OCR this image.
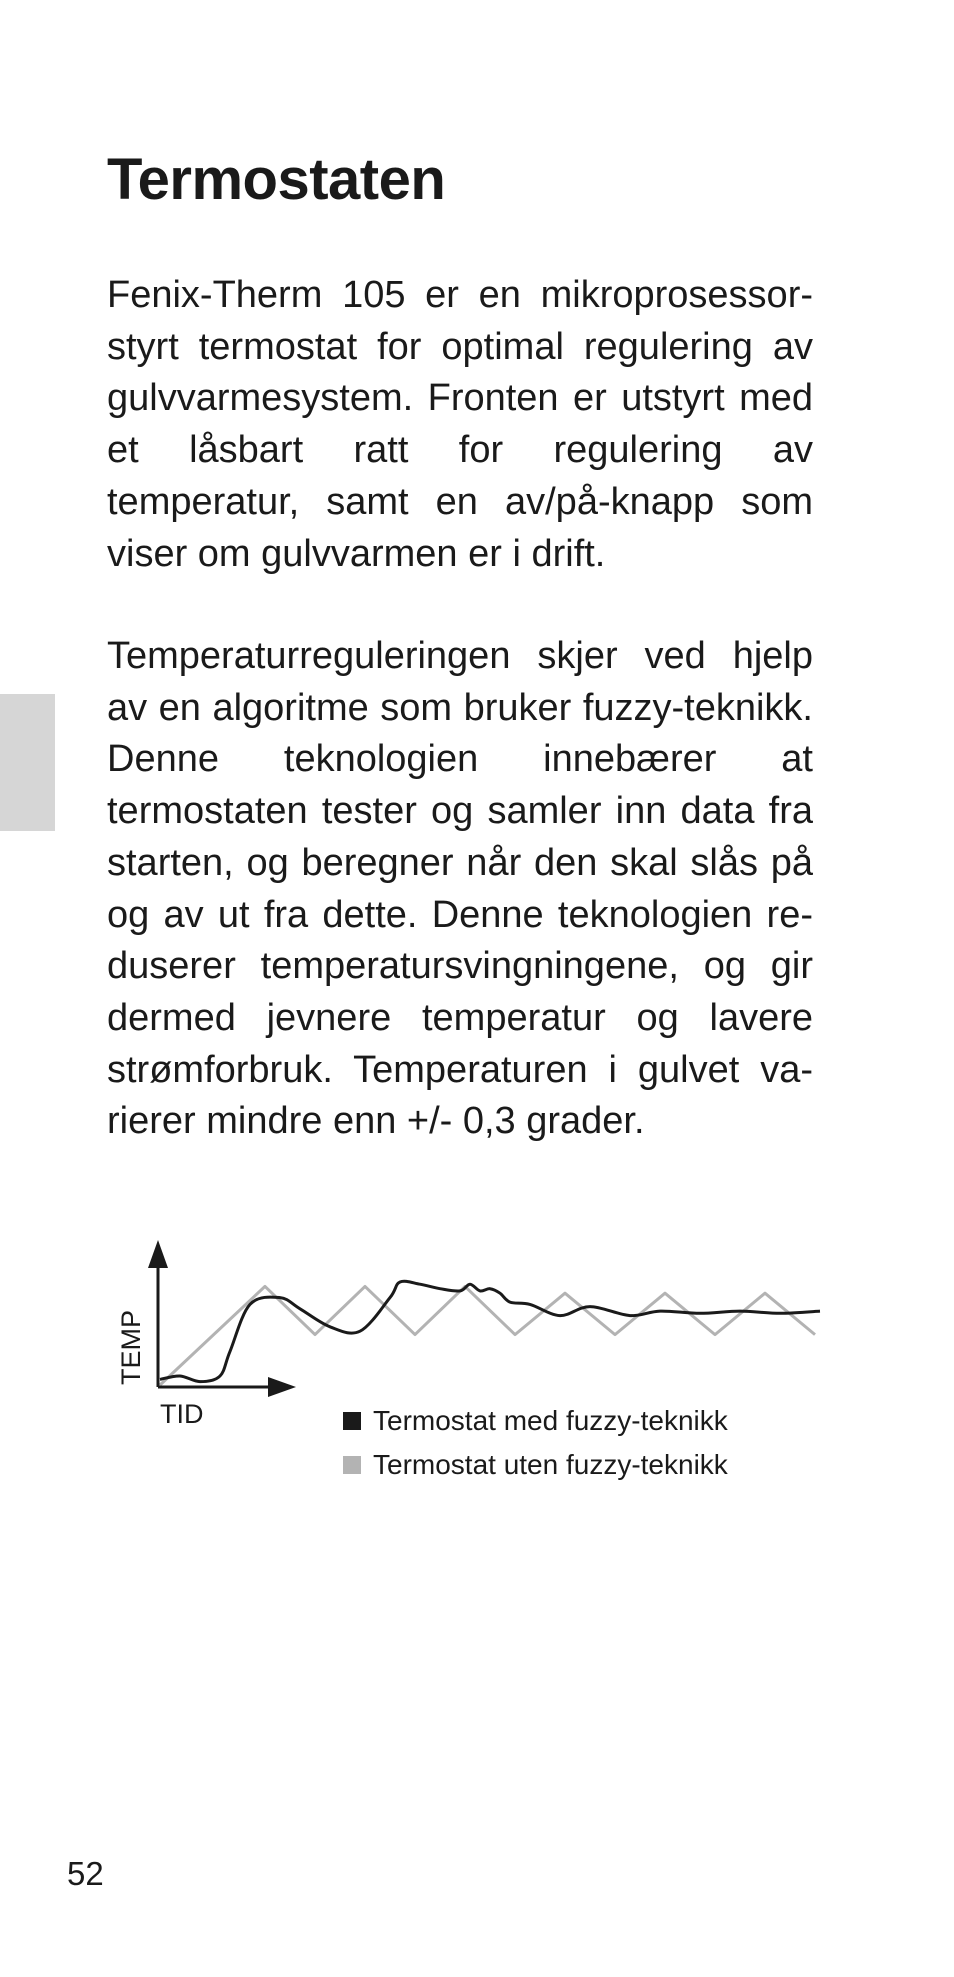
Termostaten

Fenix-Therm 105 er en mikroprosessorstyrt termostat for optimal regulering av gulvvarmesystem. Fronten er utstyrt med et låsbart ratt for regulering av temperatur, samt en av/på-knapp som viser om gulvvarmen er i drift.

Temperaturreguleringen skjer ved hjelp av en algoritme som bruker fuzzy-teknikk. Denne teknologien innebærer at termostaten tester og samler inn data fra starten, og beregner når den skal slås på og av ut fra dette. Denne teknologien reduserer temperatursvingningene, og gir dermed jevnere temperatur og lavere strømforbruk. Temperaturen i gulvet varierer mindre enn +/- 0,3 grader.

TEMP
TID	Termostat med fuzzy-teknikk
Termostat uten fuzzy-teknikk
52
